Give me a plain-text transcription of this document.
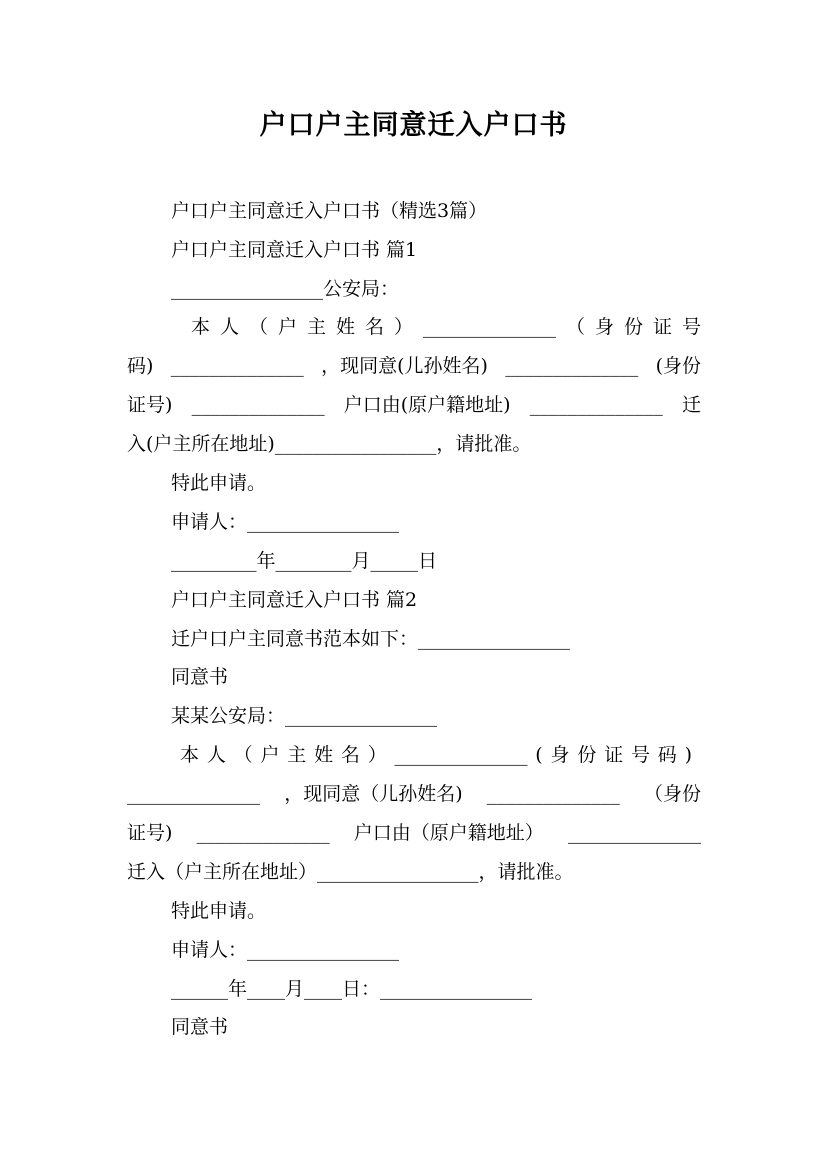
户口户主同意迁入户口书
户口户主同意迁入户口书（精选3篇）
户口户主同意迁入户口书 篇1
________________公安局：
本 人 （ 户 主 姓 名 ） ______________ （ 身 份 证 号
码) ______________ ，现同意(儿孙姓名) ______________ (身份
证号) ______________ 户口由(原户籍地址) ______________ 迁
入(户主所在地址)_________________，请批准。
特此申请。
申请人：________________
_________年________月_____日
户口户主同意迁入户口书 篇2
迁户口户主同意书范本如下：________________
同意书
某某公安局：________________
本 人 （ 户 主 姓 名 ） ______________ ( 身 份 证 号 码 )
______________ ，现同意（儿孙姓名) ______________ （身份
证号) ______________ 户口由（原户籍地址） ______________
迁入（户主所在地址）_________________，请批准。
特此申请。
申请人：________________
______年____月____日：________________
同意书
